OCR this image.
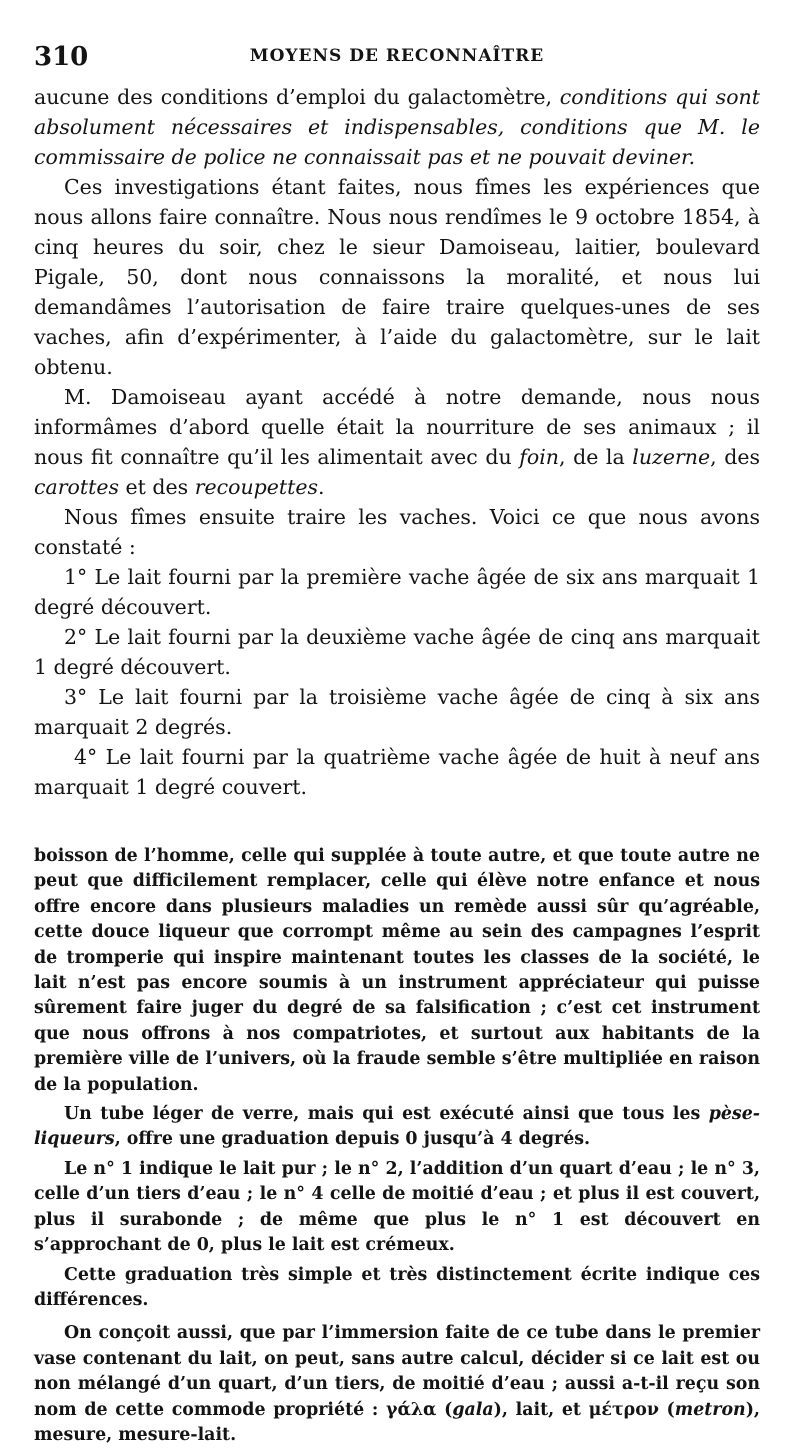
310	MOYENS DE RECONNAÎTRE

aucune des conditions d’emploi du galactomètre, conditions qui sont absolument nécessaires et indispensables, conditions que M. le commissaire de police ne connaissait pas et ne pouvait deviner.

Ces investigations étant faites, nous fîmes les expériences que nous allons faire connaître. Nous nous rendîmes le 9 octobre 1854, à cinq heures du soir, chez le sieur Damoiseau, laitier, boulevard Pigale, 50, dont nous connaissons la moralité, et nous lui demandâmes l’autorisation de faire traire quelques-unes de ses vaches, afin d’expérimenter, à l’aide du galactomètre, sur le lait obtenu.

M. Damoiseau ayant accédé à notre demande, nous nous informâmes d’abord quelle était la nourriture de ses animaux ; il nous fit connaître qu’il les alimentait avec du foin, de la luzerne, des carottes et des recoupettes.

Nous fîmes ensuite traire les vaches. Voici ce que nous avons constaté :

1° Le lait fourni par la première vache âgée de six ans marquait 1 degré découvert.

2° Le lait fourni par la deuxième vache âgée de cinq ans marquait 1 degré découvert.

3° Le lait fourni par la troisième vache âgée de cinq à six ans marquait 2 degrés.

4° Le lait fourni par la quatrième vache âgée de huit à neuf ans marquait 1 degré couvert.

boisson de l’homme, celle qui supplée à toute autre, et que toute autre ne peut que difficilement remplacer, celle qui élève notre enfance et nous offre encore dans plusieurs maladies un remède aussi sûr qu’agréable, cette douce liqueur que corrompt même au sein des campagnes l’esprit de tromperie qui inspire maintenant toutes les classes de la société, le lait n’est pas encore soumis à un instrument appréciateur qui puisse sûrement faire juger du degré de sa falsification ; c’est cet instrument que nous offrons à nos compatriotes, et surtout aux habitants de la première ville de l’univers, où la fraude semble s’être multipliée en raison de la population.

Un tube léger de verre, mais qui est exécuté ainsi que tous les pèse-liqueurs, offre une graduation depuis 0 jusqu’à 4 degrés.

Le n° 1 indique le lait pur ; le n° 2, l’addition d’un quart d’eau ; le n° 3, celle d’un tiers d’eau ; le n° 4 celle de moitié d’eau ; et plus il est couvert, plus il surabonde ; de même que plus le n° 1 est découvert en s’approchant de 0, plus le lait est crémeux.

Cette graduation très simple et très distinctement écrite indique ces différences.

On conçoit aussi, que par l’immersion faite de ce tube dans le premier vase contenant du lait, on peut, sans autre calcul, décider si ce lait est ou non mélangé d’un quart, d’un tiers, de moitié d’eau ; aussi a-t-il reçu son nom de cette commode propriété : γάλα (gala), lait, et μέτρον (metron), mesure, mesure-lait.
